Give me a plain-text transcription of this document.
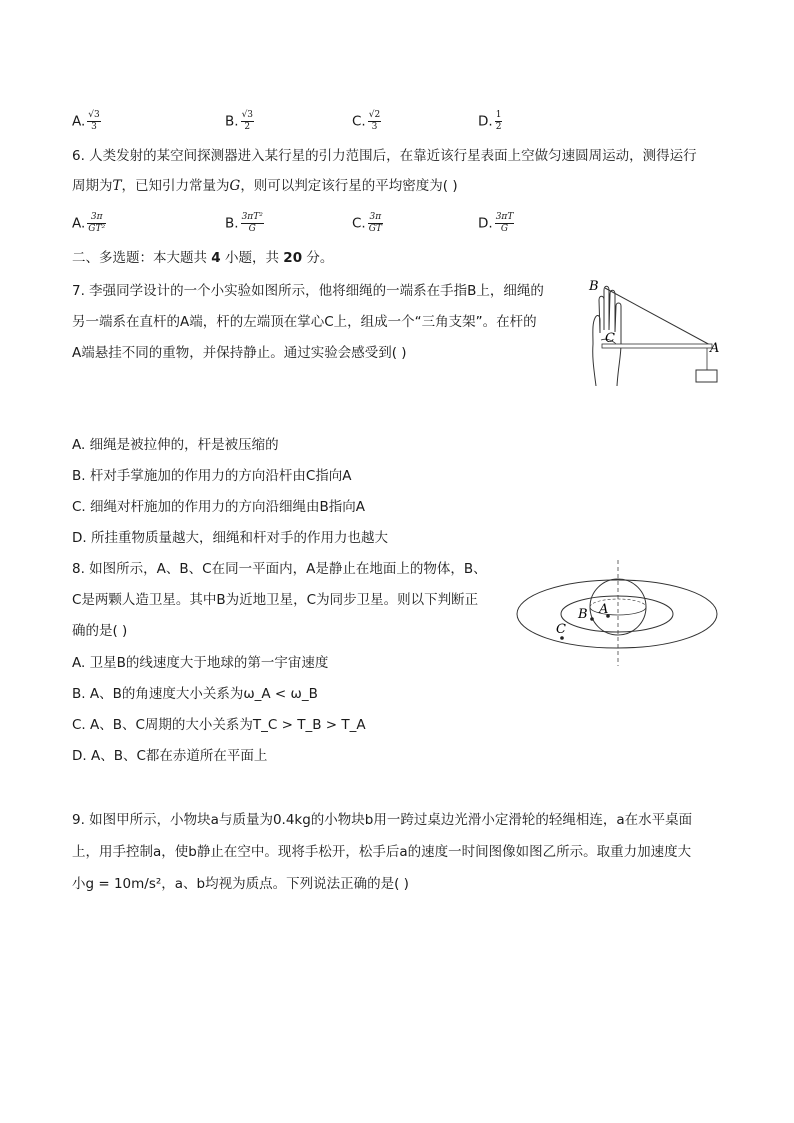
A. $\frac{√3}{3}$	B. $\frac{√3}{2}$	C. $\frac{√2}{3}$	D. $\frac{1}{2}$
6. 人类发射的某空间探测器进入某行星的引力范围后，在靠近该行星表面上空做匀速圆周运动，测得运行
周期为T，已知引力常量为G，则可以判定该行星的平均密度为( )
A. $\frac{3\pi}{\text{GT²}}$	B. $\frac{\text{3πT²}}{G}$	C. $\frac{3\pi}{GT}$	D. $\frac{3\pi T}{G}$
二、多选题：本大题共 4 小题，共 20 分。
7. 李强同学设计的一个小实验如图所示，他将细绳的一端系在手指B上，细绳的
另一端系在直杆的A端，杆的左端顶在掌心C上，组成一个“三角支架”。在杆的
A端悬挂不同的重物，并保持静止。通过实验会感受到( )
B
C
A
A. 细绳是被拉伸的，杆是被压缩的
B. 杆对手掌施加的作用力的方向沿杆由C指向A
C. 细绳对杆施加的作用力的方向沿细绳由B指向A
D. 所挂重物质量越大，细绳和杆对手的作用力也越大
8. 如图所示，A、B、C在同一平面内，A是静止在地面上的物体，B、
C是两颗人造卫星。其中B为近地卫星，C为同步卫星。则以下判断正
确的是( )
A
B
C
A. 卫星B的线速度大于地球的第一宇宙速度
B. A、B的角速度大小关系为ω_A < ω_B
C. A、B、C周期的大小关系为T_C > T_B > T_A
D. A、B、C都在赤道所在平面上
9. 如图甲所示，小物块a与质量为0.4kg的小物块b用一跨过桌边光滑小定滑轮的轻绳相连，a在水平桌面
上，用手控制a，使b静止在空中。现将手松开，松手后a的速度一时间图像如图乙所示。取重力加速度大
小g = 10m/s²，a、b均视为质点。下列说法正确的是( )
